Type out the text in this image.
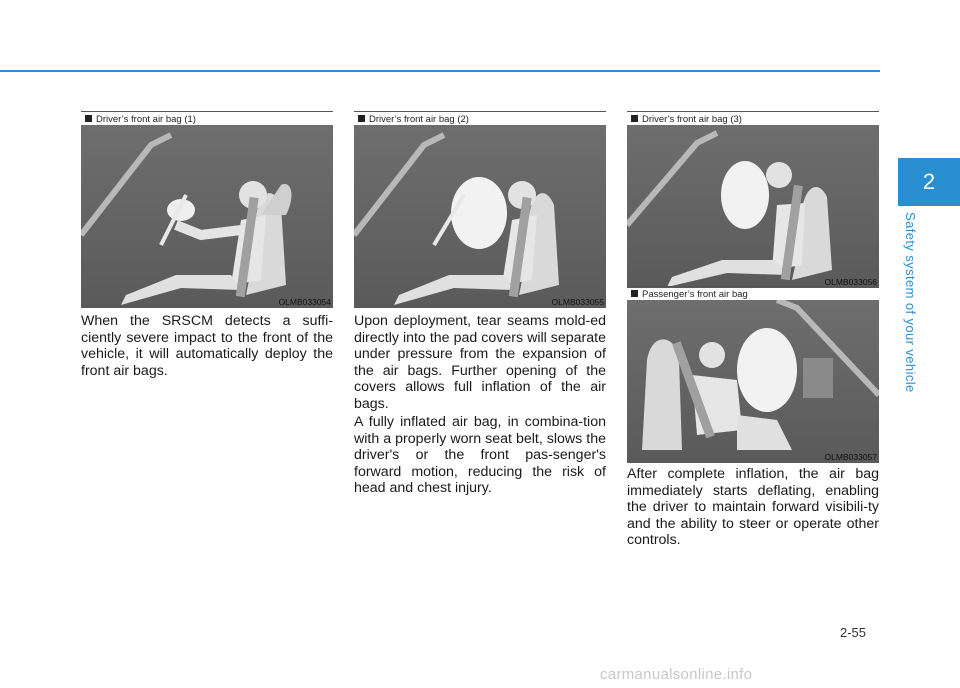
Driver’s front air bag (1)
OLMB033054
Driver’s front air bag (2)
OLMB033055
Driver’s front air bag (3)
OLMB033056
Passenger’s front air bag
OLMB033057

When the SRSCM detects a suffi-ciently severe impact to the front of the vehicle, it will automatically deploy the front air bags.

Upon deployment, tear seams mold-ed directly into the pad covers will separate under pressure from the expansion of the air bags. Further opening of the covers allows full inflation of the air bags.

A fully inflated air bag, in combina-tion with a properly worn seat belt, slows the driver's or the front pas-senger's forward motion, reducing the risk of head and chest injury.

After complete inflation, the air bag immediately starts deflating, enabling the driver to maintain forward visibili-ty and the ability to steer or operate other controls.

2
Safety system of your vehicle
2-55
carmanualsonline.info
